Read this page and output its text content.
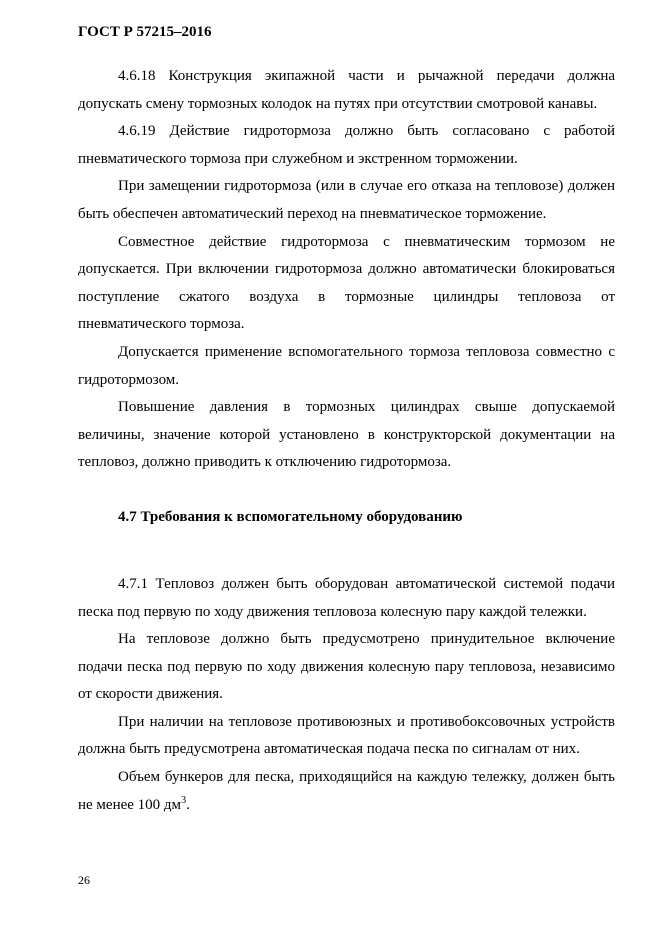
ГОСТ Р 57215–2016

4.6.18 Конструкция экипажной части и рычажной передачи должна допускать смену тормозных колодок на путях при отсутствии смотровой канавы.

4.6.19 Действие гидротормоза должно быть согласовано с работой пневматического тормоза при служебном и экстренном торможении.

При замещении гидротормоза (или в случае его отказа на тепловозе) должен быть обеспечен автоматический переход на пневматическое торможение.

Совместное действие гидротормоза с пневматическим тормозом не допускается. При включении гидротормоза должно автоматически блокироваться поступление сжатого воздуха в тормозные цилиндры тепловоза от пневматического тормоза.

Допускается применение вспомогательного тормоза тепловоза совместно с гидротормозом.

Повышение давления в тормозных цилиндрах свыше допускаемой величины, значение которой установлено в конструкторской документации на тепловоз, должно приводить к отключению гидротормоза.

4.7 Требования к вспомогательному оборудованию

4.7.1 Тепловоз должен быть оборудован автоматической системой подачи песка под первую по ходу движения тепловоза колесную пару каждой тележки.

На тепловозе должно быть предусмотрено принудительное включение подачи песка под первую по ходу движения колесную пару тепловоза, независимо от скорости движения.

При наличии на тепловозе противоюзных и противобоксовочных устройств должна быть предусмотрена автоматическая подача песка по сигналам от них.

Объем бункеров для песка, приходящийся на каждую тележку, должен быть не менее 100 $дм^3$.

26
